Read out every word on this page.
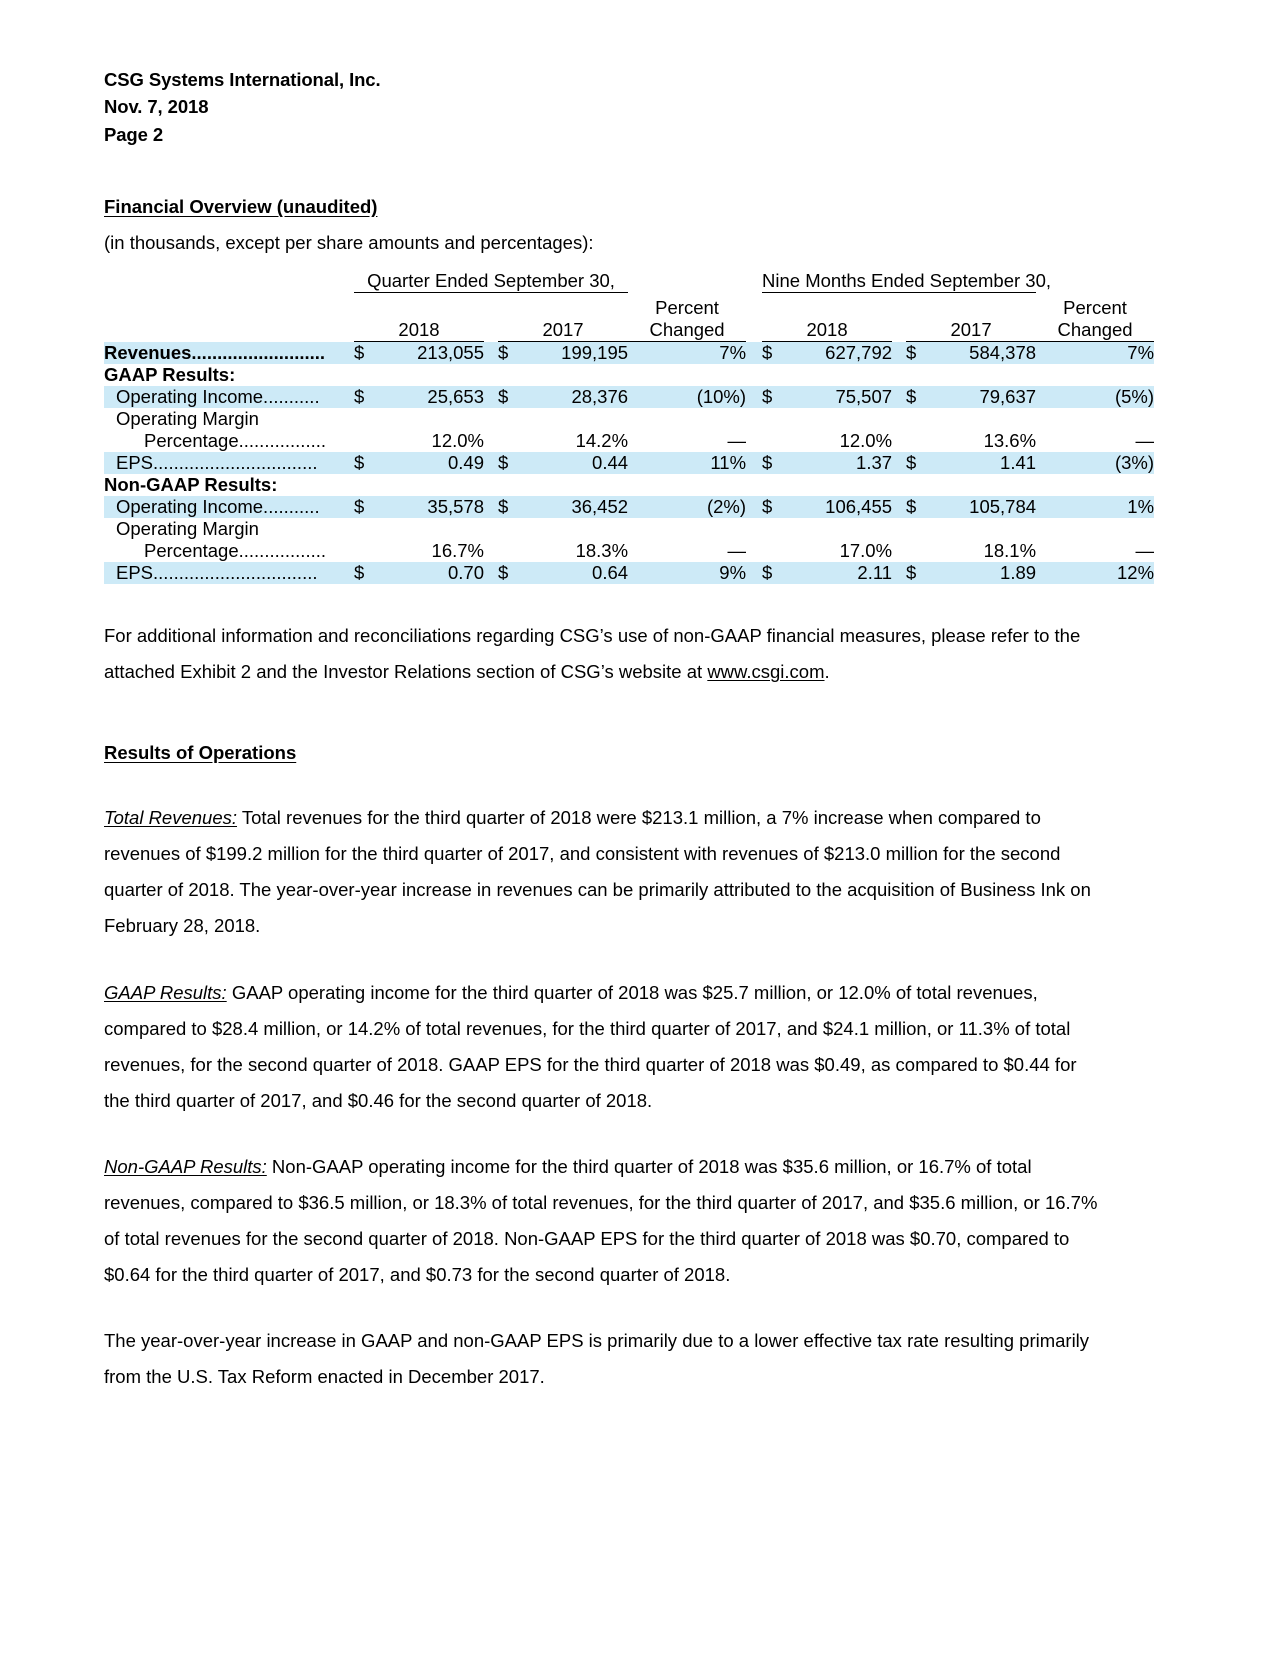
CSG Systems International, Inc.
Nov. 7, 2018
Page 2
Financial Overview (unaudited)
(in thousands, except per share amounts and percentages):
	Quarter Ended September 30,							Nine Months Ended September 30,					
						Percent							Percent
	2018			2017		Changed		2018			2017		Changed
Revenues..........................	$	213,055		$	199,195	7%		$	627,792		$	584,378	7%
GAAP Results:													
Operating Income...........	$	25,653		$	28,376	(10%)		$	75,507		$	79,637	(5%)
Operating Margin													
Percentage.................		12.0%			14.2%	—			12.0%			13.6%	—
EPS................................	$	0.49		$	0.44	11%		$	1.37		$	1.41	(3%)
Non-GAAP Results:													
Operating Income...........	$	35,578		$	36,452	(2%)		$	106,455		$	105,784	1%
Operating Margin													
Percentage.................		16.7%			18.3%	—			17.0%			18.1%	—
EPS................................	$	0.70		$	0.64	9%		$	2.11		$	1.89	12%

For additional information and reconciliations regarding CSG’s use of non-GAAP financial measures, please refer to the attached Exhibit 2 and the Investor Relations section of CSG’s website at www.csgi.com.

Results of Operations

Total Revenues: Total revenues for the third quarter of 2018 were $213.1 million, a 7% increase when compared to revenues of $199.2 million for the third quarter of 2017, and consistent with revenues of $213.0 million for the second quarter of 2018. The year-over-year increase in revenues can be primarily attributed to the acquisition of Business Ink on February 28, 2018.

GAAP Results: GAAP operating income for the third quarter of 2018 was $25.7 million, or 12.0% of total revenues, compared to $28.4 million, or 14.2% of total revenues, for the third quarter of 2017, and $24.1 million, or 11.3% of total revenues, for the second quarter of 2018. GAAP EPS for the third quarter of 2018 was $0.49, as compared to $0.44 for the third quarter of 2017, and $0.46 for the second quarter of 2018.

Non-GAAP Results: Non-GAAP operating income for the third quarter of 2018 was $35.6 million, or 16.7% of total revenues, compared to $36.5 million, or 18.3% of total revenues, for the third quarter of 2017, and $35.6 million, or 16.7% of total revenues for the second quarter of 2018. Non-GAAP EPS for the third quarter of 2018 was $0.70, compared to $0.64 for the third quarter of 2017, and $0.73 for the second quarter of 2018.

The year-over-year increase in GAAP and non-GAAP EPS is primarily due to a lower effective tax rate resulting primarily from the U.S. Tax Reform enacted in December 2017.
